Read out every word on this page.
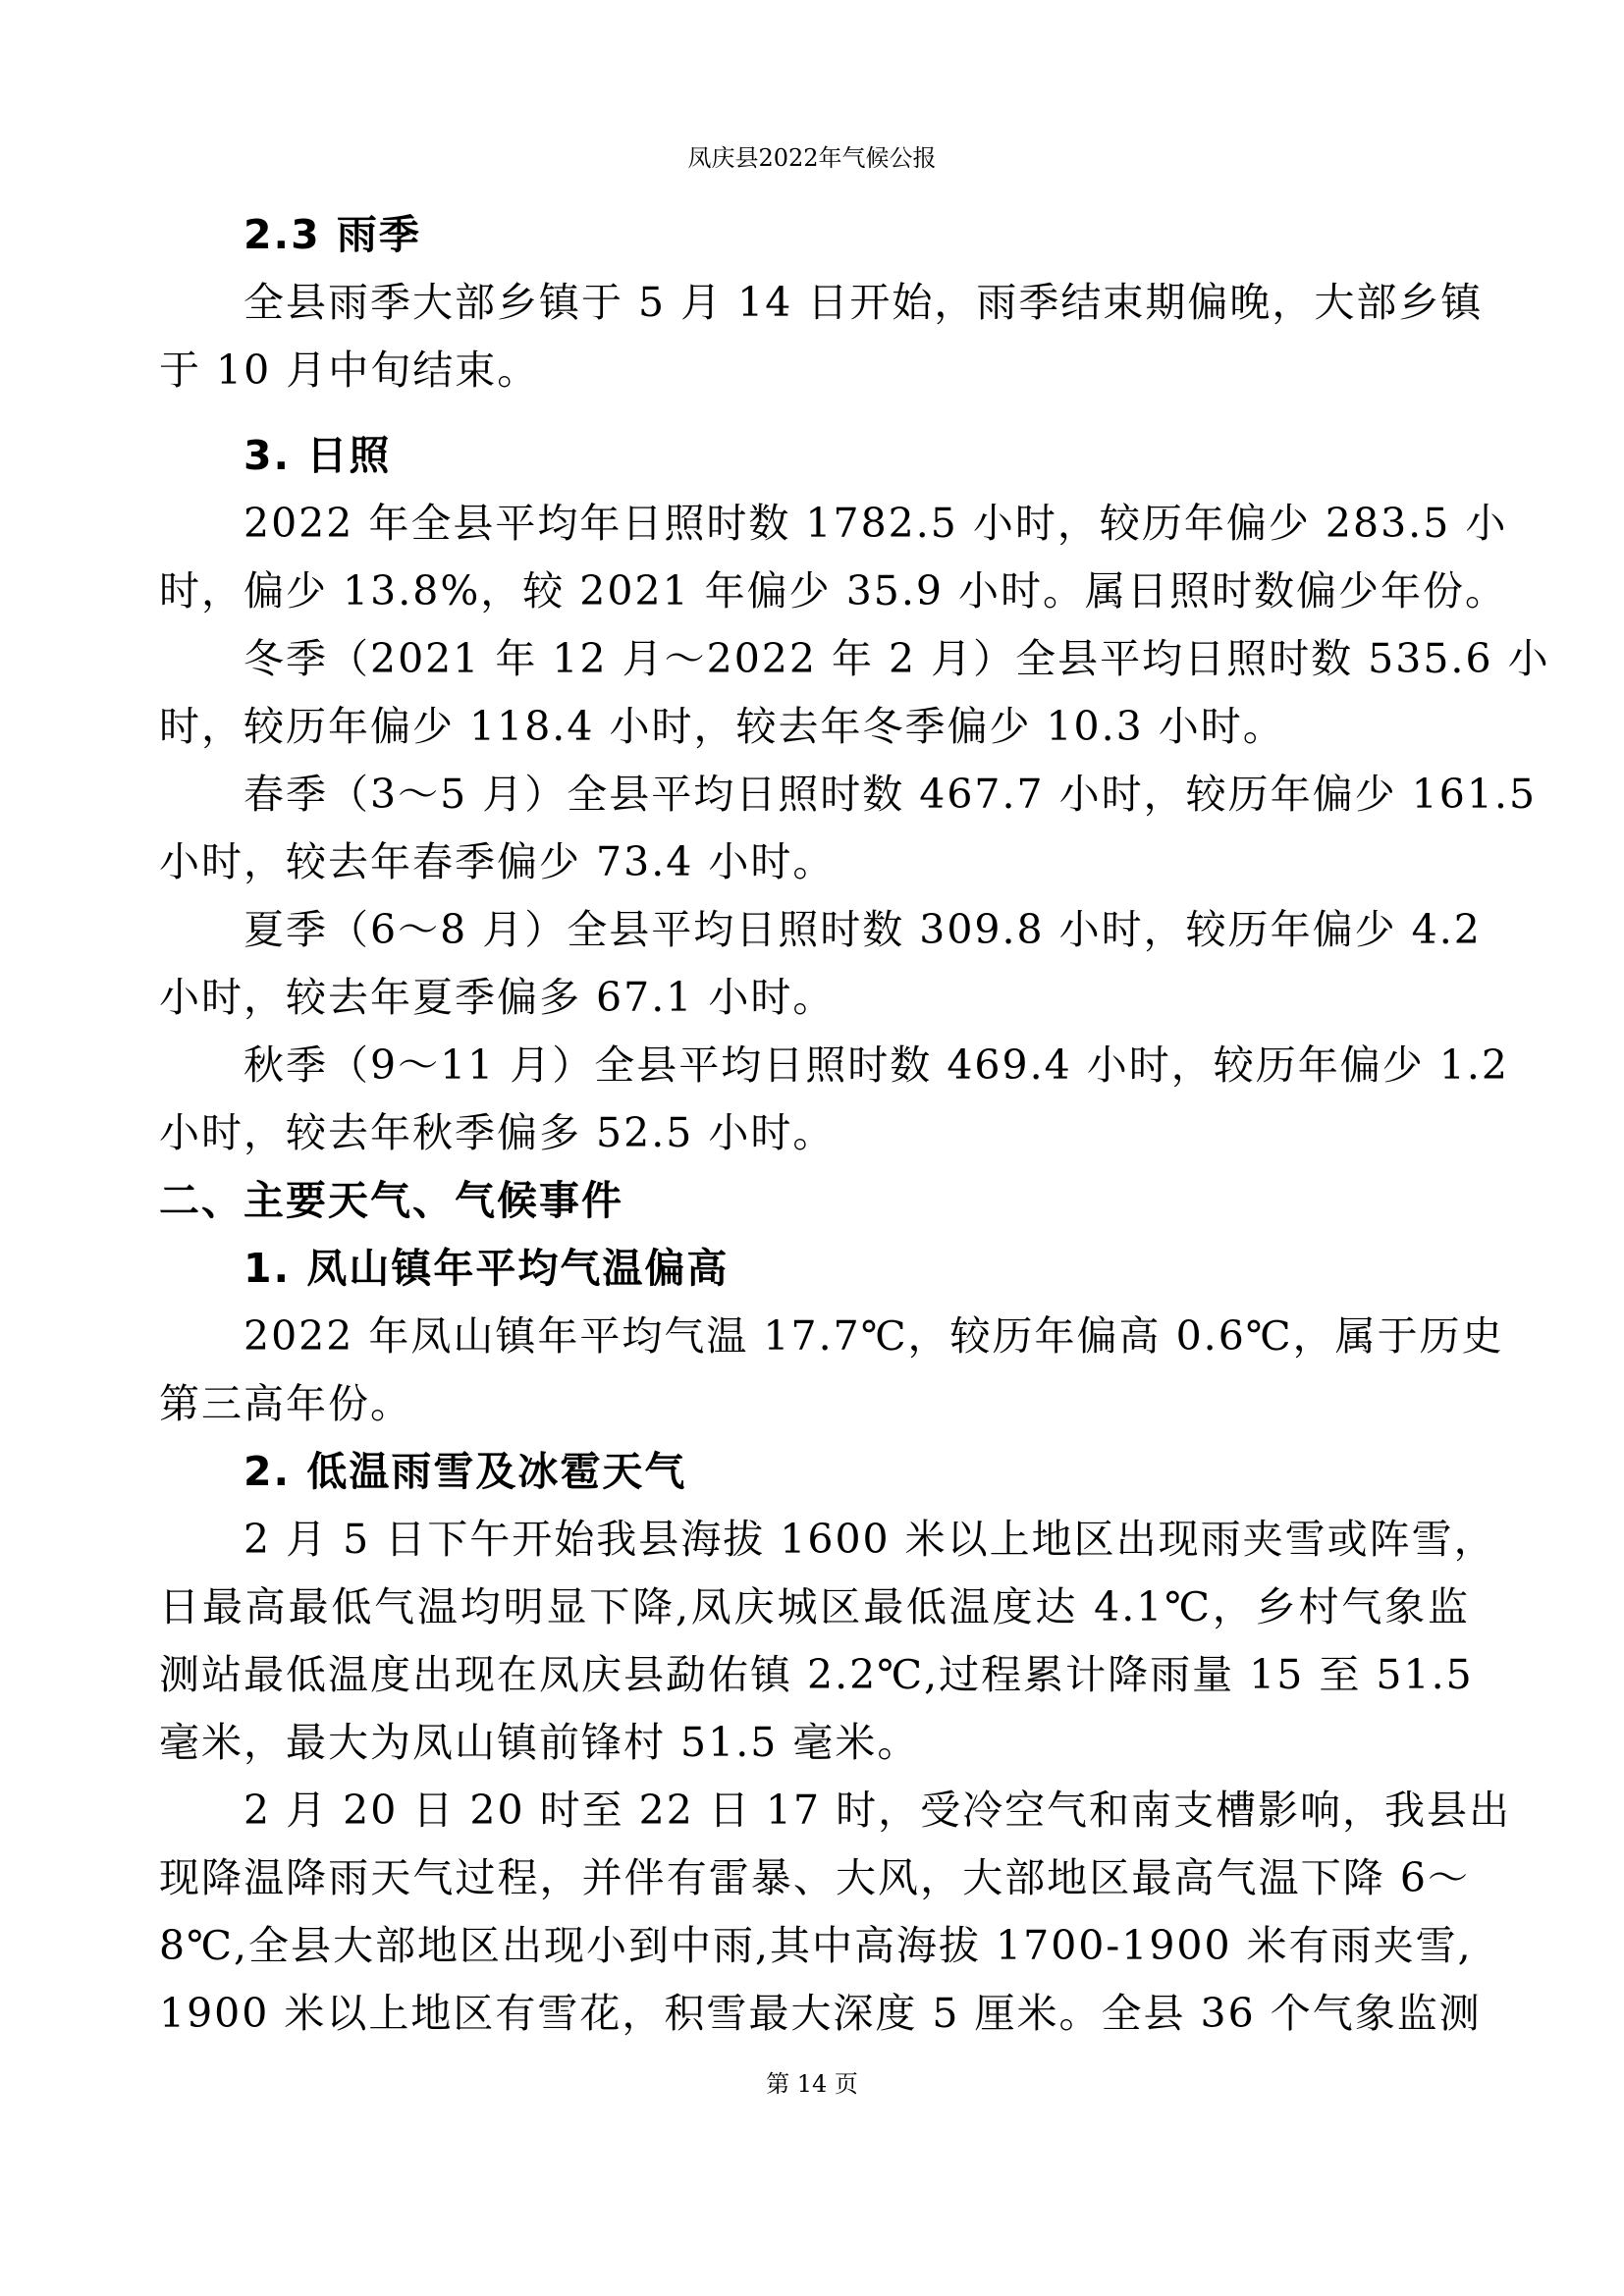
凤庆县2022年气候公报
2.3 雨季
全县雨季大部乡镇于 5 月 14 日开始，雨季结束期偏晚，大部乡镇
于 10 月中旬结束。
3. 日照
2022 年全县平均年日照时数 1782.5 小时，较历年偏少 283.5 小
时，偏少 13.8%，较 2021 年偏少 35.9 小时。属日照时数偏少年份。
冬季（2021 年 12 月～2022 年 2 月）全县平均日照时数 535.6 小
时，较历年偏少 118.4 小时，较去年冬季偏少 10.3 小时。
春季（3～5 月）全县平均日照时数 467.7 小时，较历年偏少 161.5
小时，较去年春季偏少 73.4 小时。
夏季（6～8 月）全县平均日照时数 309.8 小时，较历年偏少 4.2
小时，较去年夏季偏多 67.1 小时。
秋季（9～11 月）全县平均日照时数 469.4 小时，较历年偏少 1.2
小时，较去年秋季偏多 52.5 小时。
二、主要天气、气候事件
1. 凤山镇年平均气温偏高
2022 年凤山镇年平均气温 17.7℃，较历年偏高 0.6℃，属于历史
第三高年份。
2. 低温雨雪及冰雹天气
2 月 5 日下午开始我县海拔 1600 米以上地区出现雨夹雪或阵雪，
日最高最低气温均明显下降,凤庆城区最低温度达 4.1℃，乡村气象监
测站最低温度出现在凤庆县勐佑镇 2.2℃,过程累计降雨量 15 至 51.5
毫米，最大为凤山镇前锋村 51.5 毫米。
2 月 20 日 20 时至 22 日 17 时，受冷空气和南支槽影响，我县出
现降温降雨天气过程，并伴有雷暴、大风，大部地区最高气温下降 6～
8℃,全县大部地区出现小到中雨,其中高海拔 1700-1900 米有雨夹雪,
1900 米以上地区有雪花，积雪最大深度 5 厘米。全县 36 个气象监测
第 14 页
